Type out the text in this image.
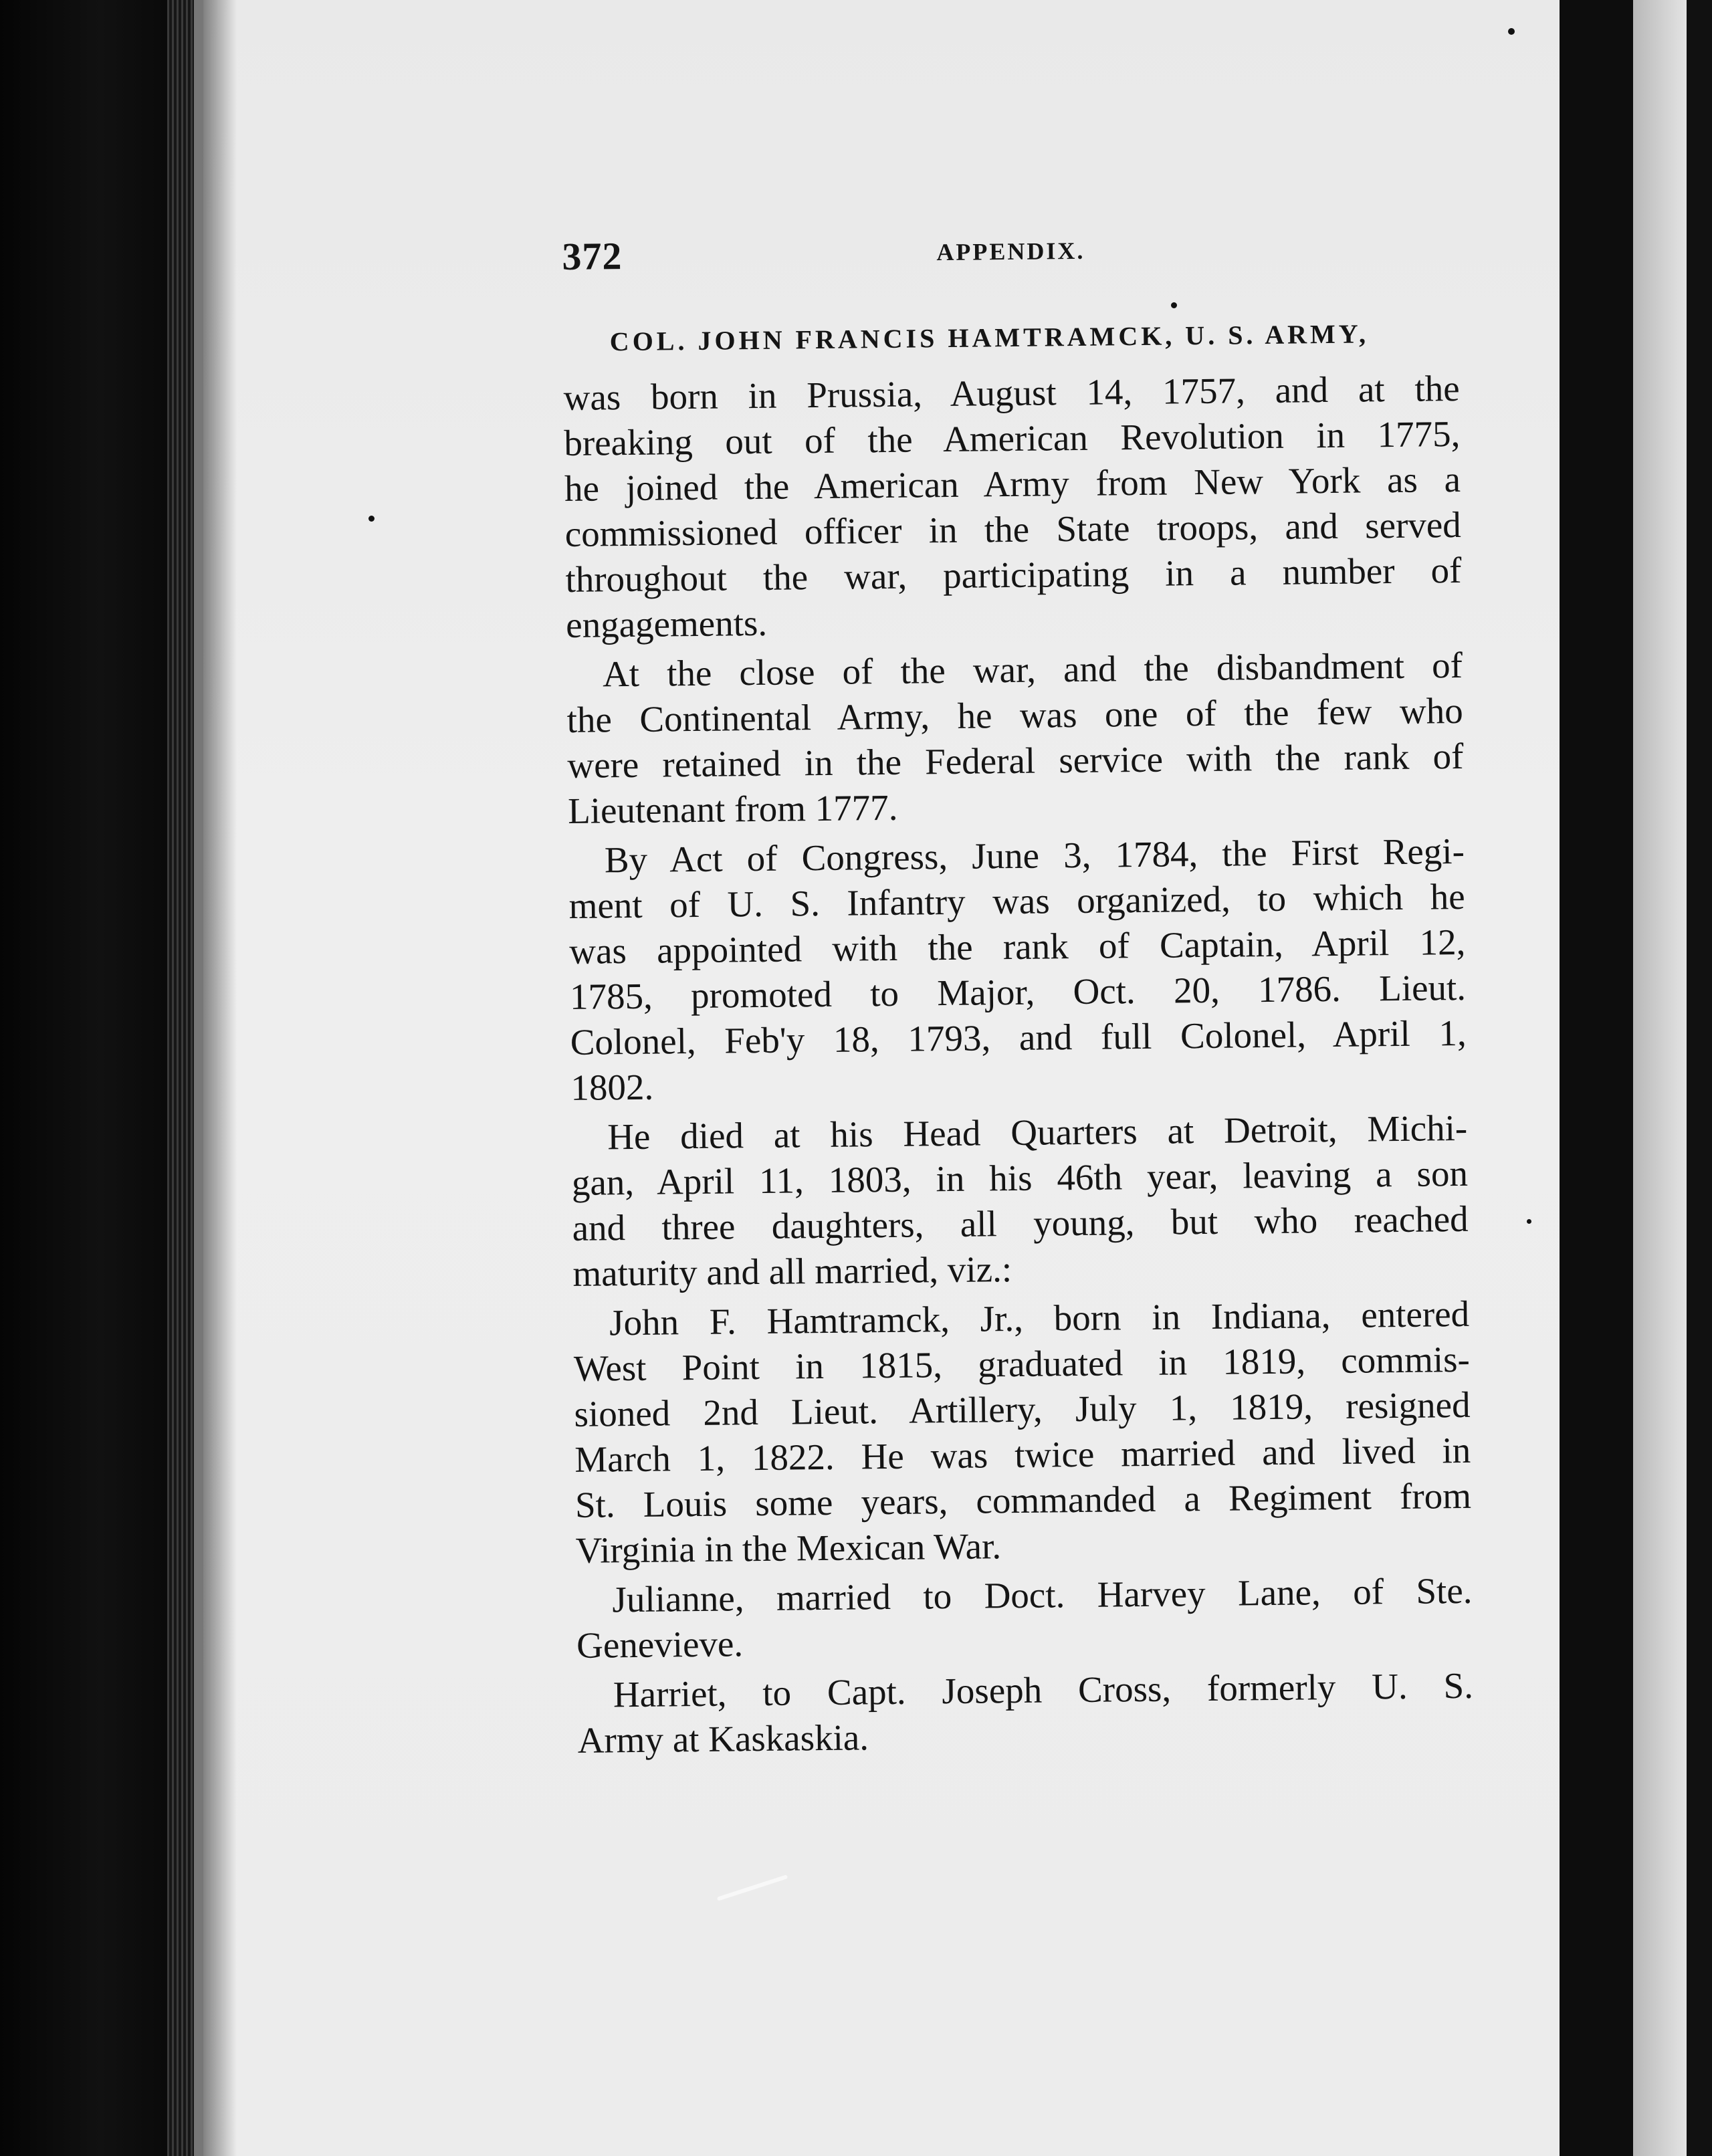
372	APPENDIX.
COL. JOHN FRANCIS HAMTRAMCK, U. S. ARMY,
was born in Prussia, August 14, 1757, and at the
breaking out of the American Revolution in 1775,
he joined the American Army from New York as a
commissioned officer in the State troops, and served
throughout the war, participating in a number of
engagements.
At the close of the war, and the disbandment of
the Continental Army, he was one of the few who
were retained in the Federal service with the rank of
Lieutenant from 1777.
By Act of Congress, June 3, 1784, the First Regi-
ment of U. S. Infantry was organized, to which he
was appointed with the rank of Captain, April 12,
1785, promoted to Major, Oct. 20, 1786. Lieut.
Colonel, Feb'y 18, 1793, and full Colonel, April 1,
1802.
He died at his Head Quarters at Detroit, Michi-
gan, April 11, 1803, in his 46th year, leaving a son
and three daughters, all young, but who reached
maturity and all married, viz.:
John F. Hamtramck, Jr., born in Indiana, entered
West Point in 1815, graduated in 1819, commis-
sioned 2nd Lieut. Artillery, July 1, 1819, resigned
March 1, 1822. He was twice married and lived in
St. Louis some years, commanded a Regiment from
Virginia in the Mexican War.
Julianne, married to Doct. Harvey Lane, of Ste.
Genevieve.
Harriet, to Capt. Joseph Cross, formerly U. S.
Army at Kaskaskia.
